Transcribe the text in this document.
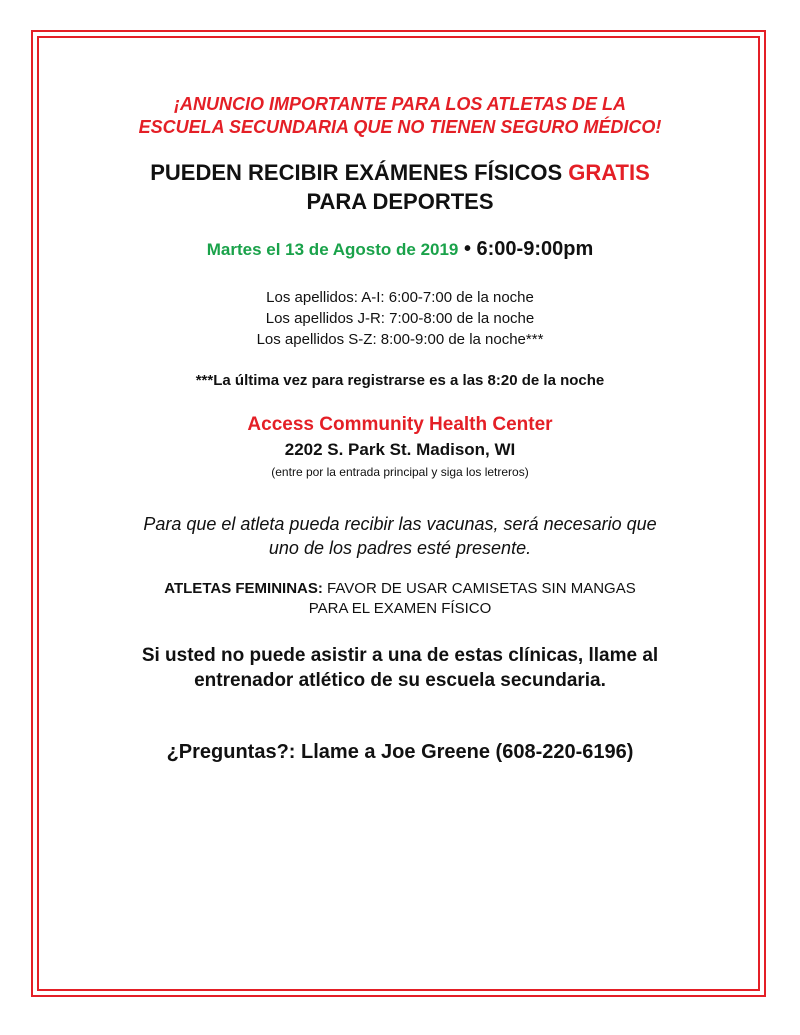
¡ANUNCIO IMPORTANTE PARA LOS ATLETAS DE LA
ESCUELA SECUNDARIA QUE NO TIENEN SEGURO MÉDICO!
PUEDEN RECIBIR EXÁMENES FÍSICOS GRATIS
PARA DEPORTES
Martes el 13 de Agosto de 2019 • 6:00-9:00pm
Los apellidos: A-I: 6:00-7:00 de la noche
Los apellidos J-R: 7:00-8:00 de la noche
Los apellidos S-Z: 8:00-9:00 de la noche***
***La última vez para registrarse es a las 8:20 de la noche
Access Community Health Center
2202 S. Park St. Madison, WI
(entre por la entrada principal y siga los letreros)
Para que el atleta pueda recibir las vacunas, será necesario que
uno de los padres esté presente.
ATLETAS FEMININAS: FAVOR DE USAR CAMISETAS SIN MANGAS
PARA EL EXAMEN FÍSICO
Si usted no puede asistir a una de estas clínicas, llame al
entrenador atlético de su escuela secundaria.
¿Preguntas?: Llame a Joe Greene (608-220-6196)
